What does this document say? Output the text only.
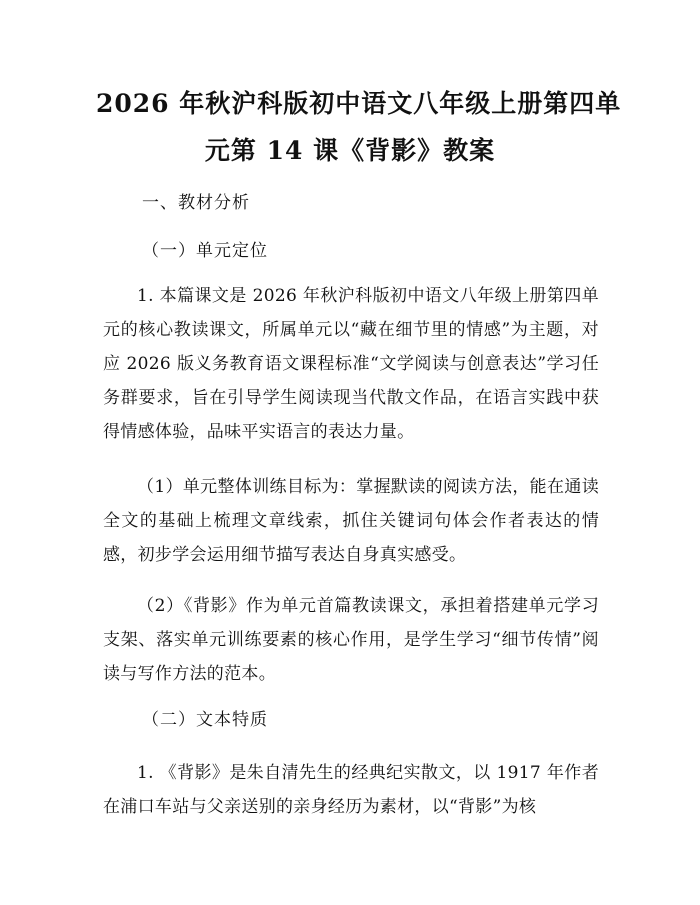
2026 年秋沪科版初中语文八年级上册第四单
元第 14 课《背影》教案
一、教材分析
（一）单元定位
1. 本篇课文是 2026 年秋沪科版初中语文八年级上册第四单元的核心教读课文，所属单元以“藏在细节里的情感”为主题，对应 2026 版义务教育语文课程标准“文学阅读与创意表达”学习任务群要求，旨在引导学生阅读现当代散文作品，在语言实践中获得情感体验，品味平实语言的表达力量。
（1）单元整体训练目标为：掌握默读的阅读方法，能在通读全文的基础上梳理文章线索，抓住关键词句体会作者表达的情感，初步学会运用细节描写表达自身真实感受。
（2）《背影》作为单元首篇教读课文，承担着搭建单元学习支架、落实单元训练要素的核心作用，是学生学习“细节传情”阅读与写作方法的范本。
（二）文本特质
1. 《背影》是朱自清先生的经典纪实散文，以 1917 年作者在浦口车站与父亲送别的亲身经历为素材，以“背影”为核
